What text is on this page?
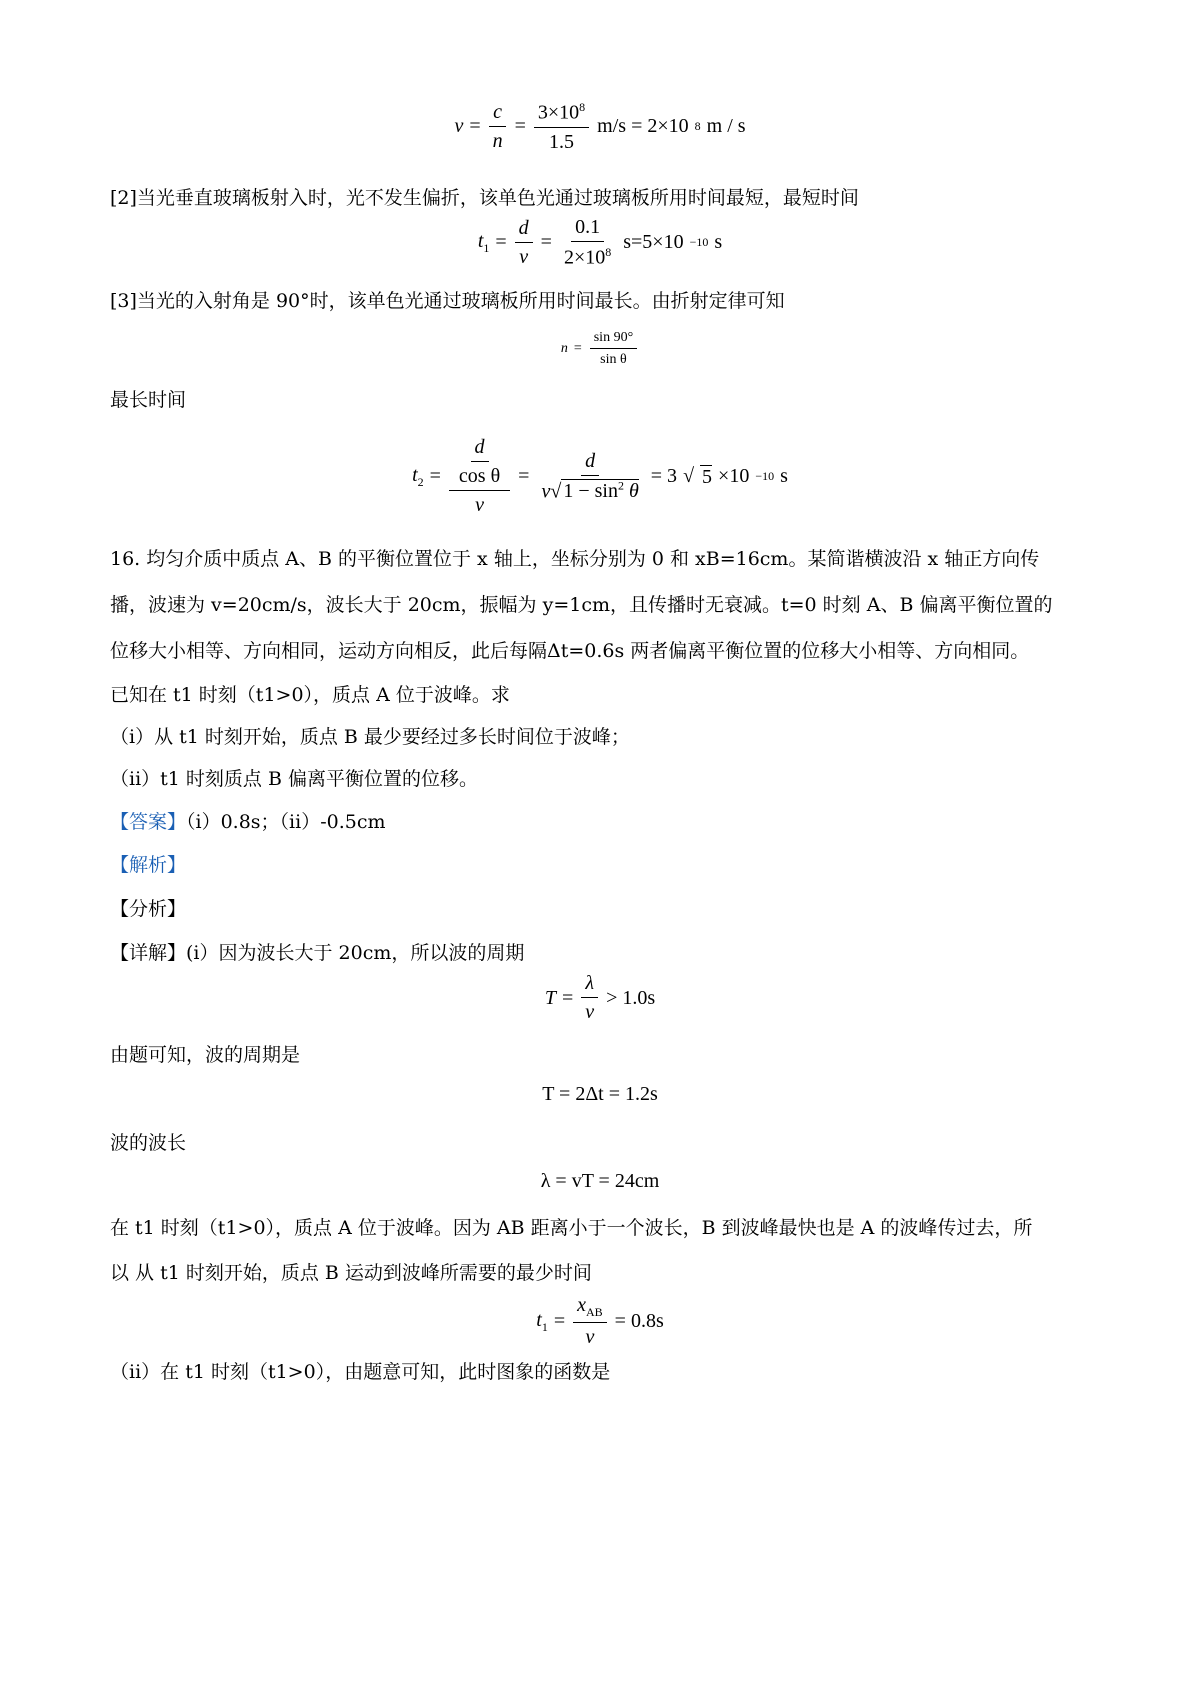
$v = \frac{c}{n} = \frac{3\times 10^8}{1.5} m/s = 2\times 10$ 8 m / s
[2]当光垂直玻璃板射入时，光不发生偏折，该单色光通过玻璃板所用时间最短，最短时间
$t_1 = \frac{d}{v} = \frac{0.1}{2\times 10^8} s=5\times 10 -10$ s
[3]当光的入射角是 90°时，该单色光通过玻璃板所用时间最长。由折射定律可知
$n = \frac{\sin 90^\circ}{\text{sin θ}}$
最长时间
$t_2 = \frac{\frac{d}{\text{cos θ}}}{v} = \frac{d}{v√ 1 - \sin^2 \theta} = 3$ √ 5 ×10 −10 s
16. 均匀介质中质点 A、B 的平衡位置位于 x 轴上，坐标分别为 0 和 xB=16cm。某简谐横波沿 x 轴正方向传
播，波速为 v=20cm/s，波长大于 20cm，振幅为 y=1cm，且传播时无衰减。t=0 时刻 A、B 偏离平衡位置的
位移大小相等、方向相同，运动方向相反，此后每隔Δt=0.6s 两者偏离平衡位置的位移大小相等、方向相同。
已知在 t1 时刻（t1>0），质点 A 位于波峰。求
（i）从 t1 时刻开始，质点 B 最少要经过多长时间位于波峰；
（ii）t1 时刻质点 B 偏离平衡位置的位移。
【答案】（i）0.8s；（ii）-0.5cm
【解析】
【分析】
【详解】(i）因为波长大于 20cm，所以波的周期
$T = \frac{\lambda}{v} > 1.0s$
由题可知，波的周期是
T = 2Δt = 1.2s
波的波长
λ = vT = 24cm
在 t1 时刻（t1>0），质点 A 位于波峰。因为 AB 距离小于一个波长，B 到波峰最快也是 A 的波峰传过去，所
以 从 t1 时刻开始，质点 B 运动到波峰所需要的最少时间
$t_1 = \frac{x_{AB}}{v} = 0.8s$
（ii）在 t1 时刻（t1>0），由题意可知，此时图象的函数是
